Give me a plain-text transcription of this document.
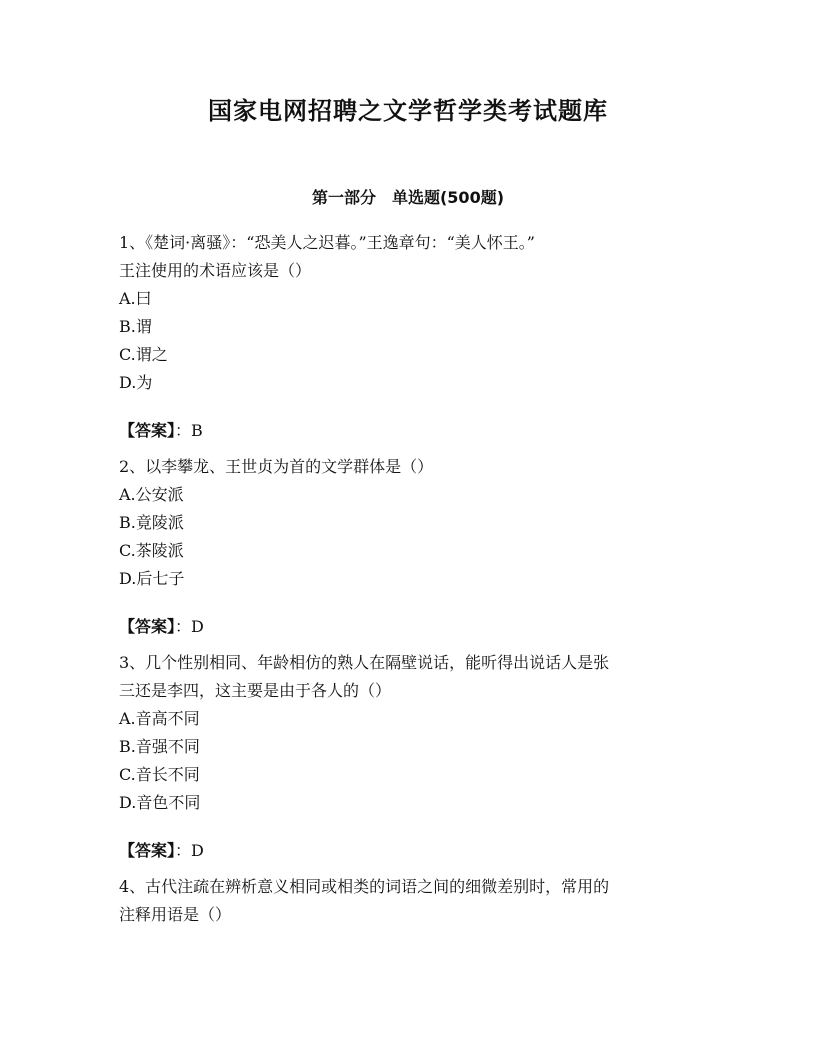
国家电网招聘之文学哲学类考试题库
第一部分　单选题(500题)

1、《楚词·离骚》：“恐美人之迟暮。”王逸章句：“美人怀王。”

王注使用的术语应该是（）

A.曰
B.谓
C.谓之
D.为

【答案】：B

2、以李攀龙、王世贞为首的文学群体是（）

A.公安派
B.竟陵派
C.茶陵派
D.后七子

【答案】：D

3、几个性别相同、年龄相仿的熟人在隔壁说话，能听得出说话人是张

三还是李四，这主要是由于各人的（）

A.音高不同
B.音强不同
C.音长不同
D.音色不同

【答案】：D

4、古代注疏在辨析意义相同或相类的词语之间的细微差别时，常用的

注释用语是（）
